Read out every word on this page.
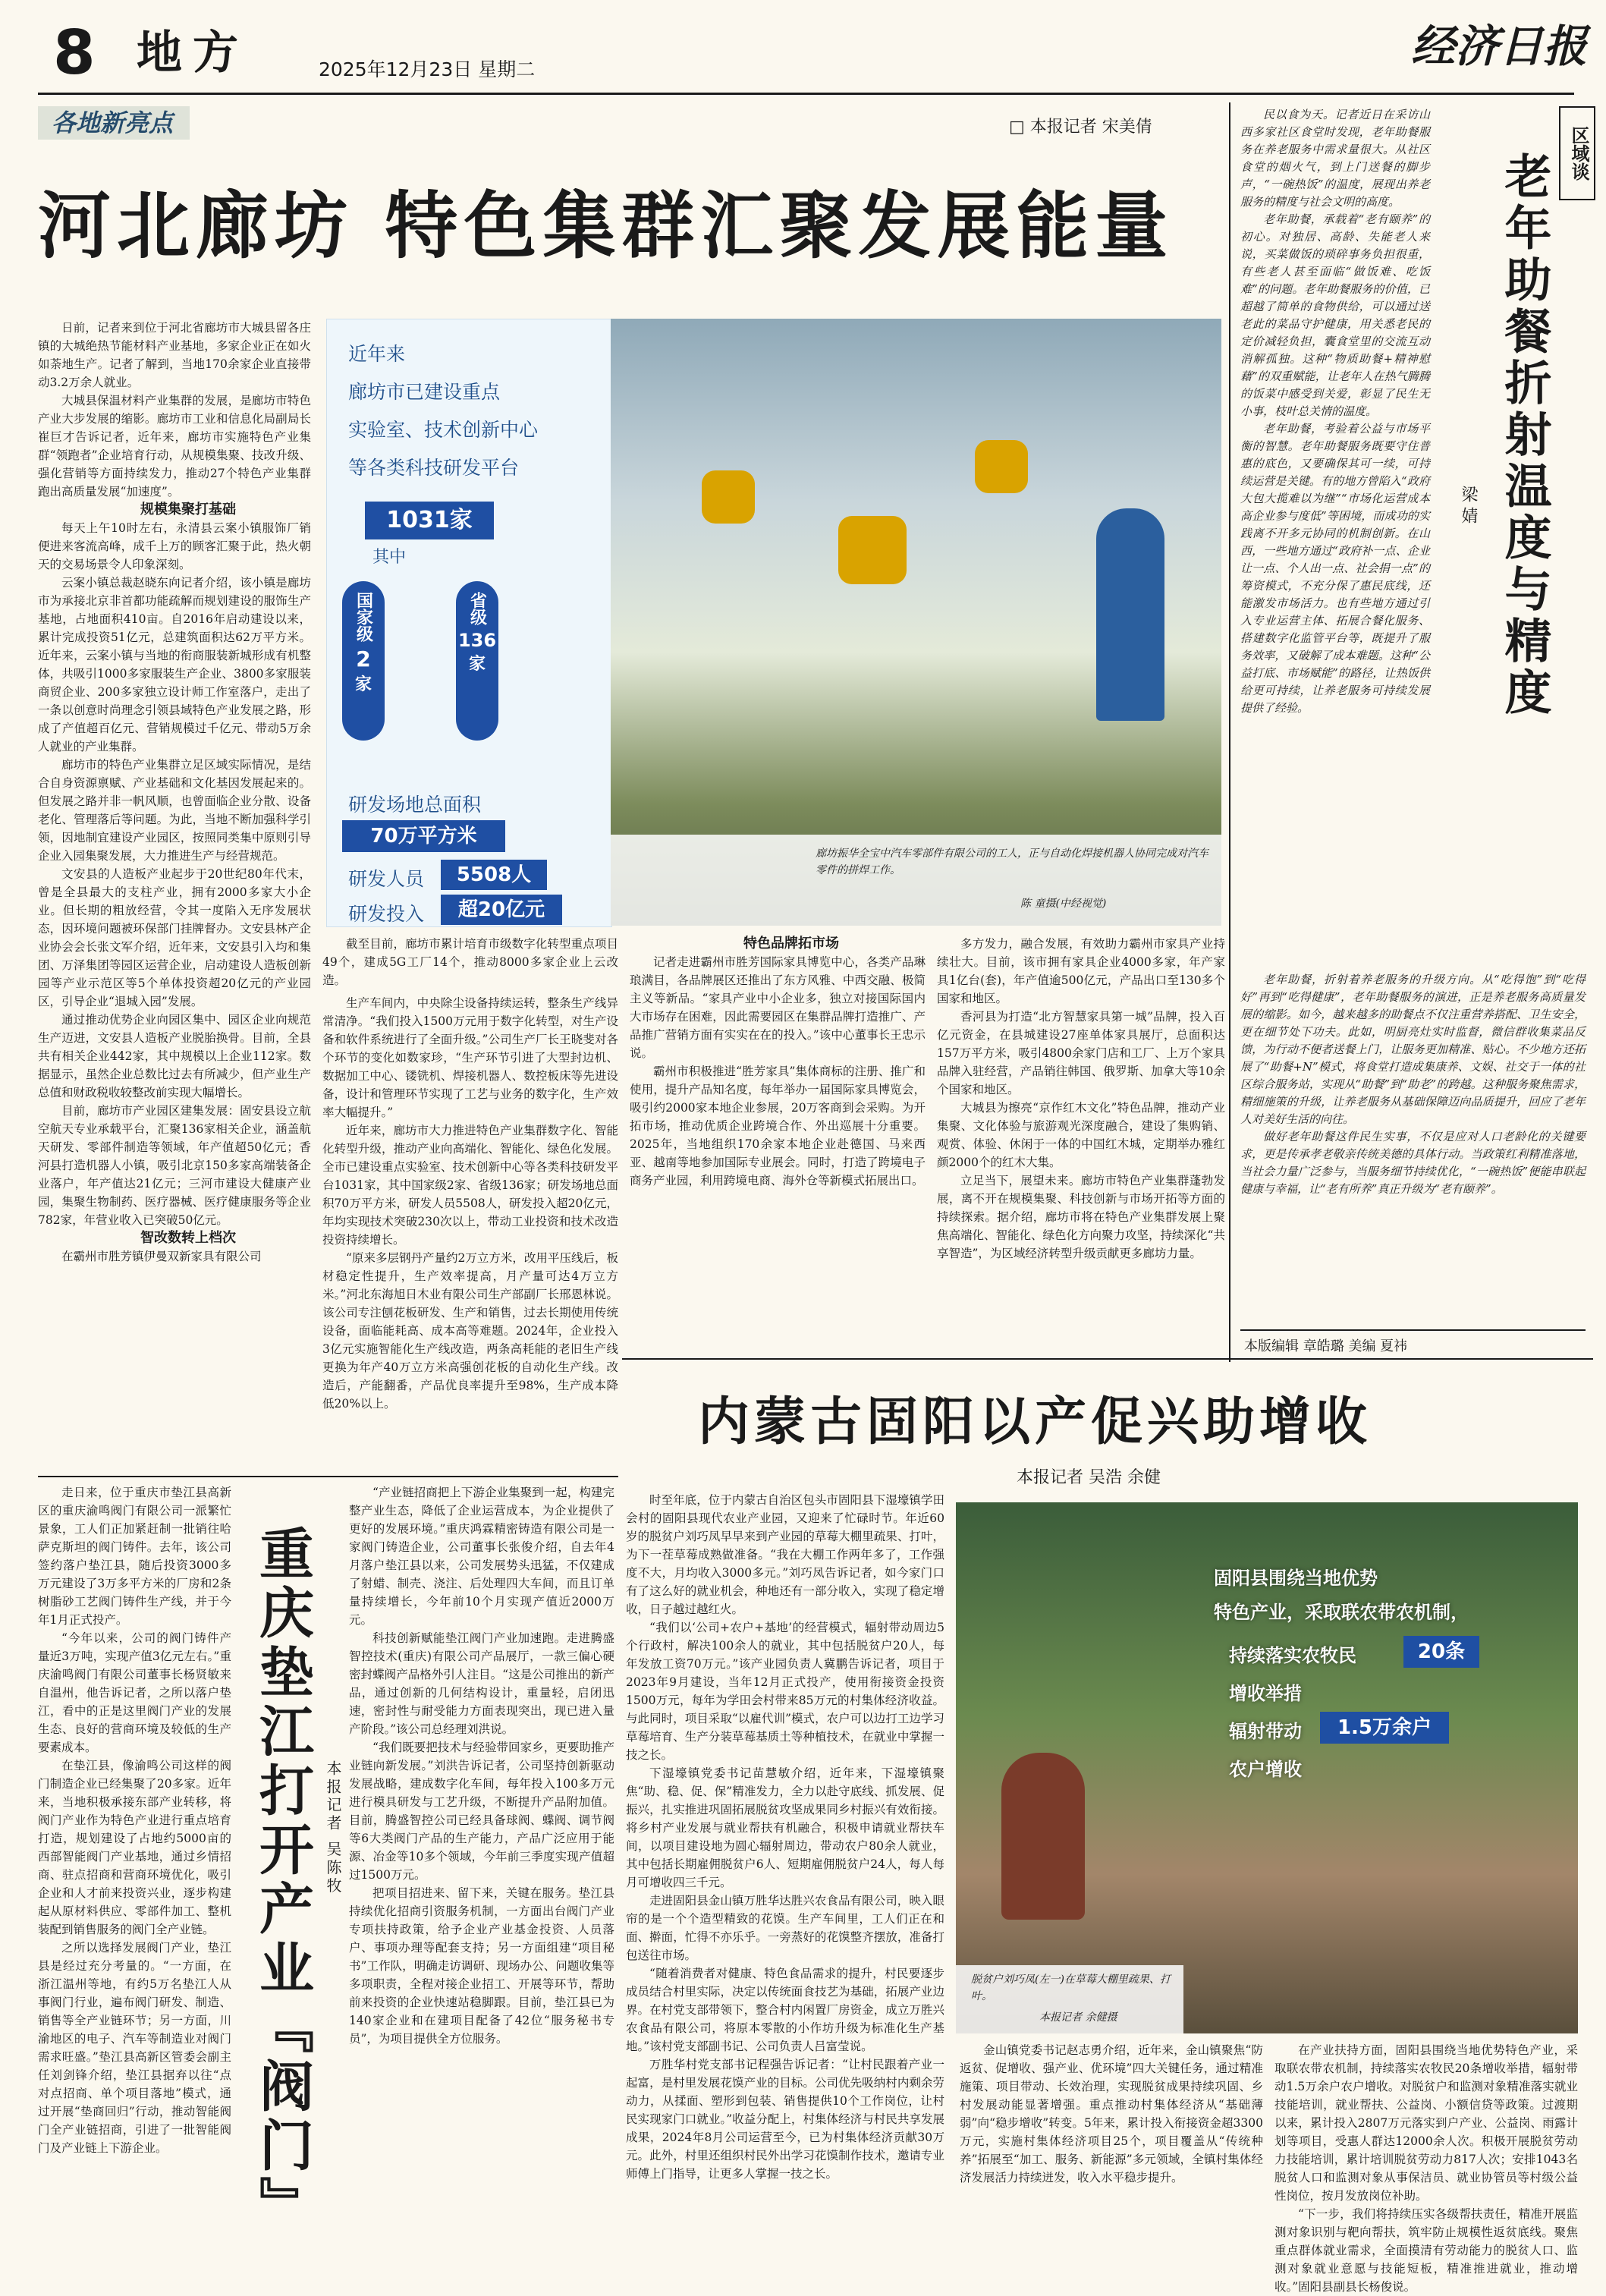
8 地方	2025年12月23日 星期二	经济日报
各地新亮点	□ 本报记者 宋美倩
河北廊坊 特色集群汇聚发展能量

日前，记者来到位于河北省廊坊市大城县留各庄镇的大城绝热节能材料产业基地，多家企业正在如火如荼地生产。记者了解到，当地170余家企业直接带动3.2万余人就业。

大城县保温材料产业集群的发展，是廊坊市特色产业大步发展的缩影。廊坊市工业和信息化局副局长崔巨才告诉记者，近年来，廊坊市实施特色产业集群“领跑者”企业培育行动，从规模集聚、技改升级、强化营销等方面持续发力，推动27个特色产业集群跑出高质量发展“加速度”。

规模集聚打基础

每天上午10时左右，永清县云案小镇服饰厂销便进来客流高峰，成千上万的顾客汇聚于此，热火朝天的交易场景令人印象深刻。

云案小镇总裁赵晓东向记者介绍，该小镇是廊坊市为承接北京非首都功能疏解而规划建设的服饰生产基地，占地面积410亩。自2016年启动建设以来，累计完成投资51亿元，总建筑面积达62万平方米。近年来，云案小镇与当地的衔商服装新城形成有机整体，共吸引1000多家服装生产企业、3800多家服装商贸企业、200多家独立设计师工作室落户，走出了一条以创意时尚理念引领县域特色产业发展之路，形成了产值超百亿元、营销规模过千亿元、带动5万余人就业的产业集群。

廊坊市的特色产业集群立足区域实际情况，是结合自身资源禀赋、产业基础和文化基因发展起来的。但发展之路并非一帆风顺，也曾面临企业分散、设备老化、管理落后等问题。为此，当地不断加强科学引领，因地制宜建设产业园区，按照同类集中原则引导企业入园集聚发展，大力推进生产与经营规范。

文安县的人造板产业起步于20世纪80年代末，曾是全县最大的支柱产业，拥有2000多家大小企业。但长期的粗放经营，令其一度陷入无序发展状态，因环境问题被环保部门挂牌督办。文安县林产企业协会会长张文军介绍，近年来，文安县引入均和集团、万泽集团等园区运营企业，启动建设人造板创新园等产业示范区等5个单体投资超20亿元的产业园区，引导企业“退城入园”发展。

通过推动优势企业向园区集中、园区企业向规范生产迈进，文安县人造板产业脱胎换骨。目前，全县共有相关企业442家，其中规模以上企业112家。数据显示，虽然企业总数比过去有所减少，但产业生产总值和财政税收较整改前实现大幅增长。

目前，廊坊市产业园区建集发展：固安县设立航空航天专业承载平台，汇聚136家相关企业，涵盖航天研发、零部件制造等领域，年产值超50亿元；香河县打造机器人小镇，吸引北京150多家高端装备企业落户，年产值达21亿元；三河市建设大健康产业园，集聚生物制药、医疗器械、医疗健康服务等企业782家，年营业收入已突破50亿元。

智改数转上档次

在霸州市胜芳镇伊曼双新家具有限公司

近年来
廊坊市已建设重点
实验室、技术创新中心
等各类科技研发平台
1031家
其中
国家级
2
家
省级
136
家
研发场地总面积
70万平方米
研发人员	5508人
研发投入	超20亿元
廊坊振华全宝中汽车零部件有限公司的工人，正与自动化焊接机器人协同完成对汽车零件的拼焊工作。
陈 童摄(中经视觉)

截至目前，廊坊市累计培育市级数字化转型重点项目49个，建成5G工厂14个，推动8000多家企业上云改造。

生产车间内，中央除尘设备持续运转，整条生产线异常清净。“我们投入1500万元用于数字化转型，对生产设备和软件系统进行了全面升级。”公司生产厂长王晓斐对各个环节的变化如数家珍，“生产环节引进了大型封边机、数据加工中心、镂铣机、焊接机器人、数控板床等先进设备，设计和管理环节实现了工艺与业务的数字化，生产效率大幅提升。”

近年来，廊坊市大力推进特色产业集群数字化、智能化转型升级，推动产业向高端化、智能化、绿色化发展。全市已建设重点实验室、技术创新中心等各类科技研发平台1031家，其中国家级2家、省级136家；研发场地总面积70万平方米，研发人员5508人，研发投入超20亿元，年均实现技术突破230次以上，带动工业投资和技术改造投资持续增长。

“原来多层钢丹产量约2万立方米，改用平压线后，板材稳定性提升，生产效率提高，月产量可达4万立方米。”河北东海旭日木业有限公司生产部副厂长邢恩林说。该公司专注刨花板研发、生产和销售，过去长期使用传统设备，面临能耗高、成本高等难题。2024年，企业投入3亿元实施智能化生产线改造，两条高耗能的老旧生产线更换为年产40万立方米高强创花板的自动化生产线。改造后，产能翻番，产品优良率提升至98%，生产成本降低20%以上。

特色品牌拓市场

记者走进霸州市胜芳国际家具博览中心，各类产品琳琅满目，各品牌展区还推出了东方风雅、中西交融、极简主义等新品。“家具产业中小企业多，独立对接国际国内大市场存在困难，因此需要园区在集群品牌打造推广、产品推广营销方面有实实在在的投入。”该中心董事长王忠示说。

霸州市积极推进“胜芳家具”集体商标的注册、推广和使用，提升产品知名度，每年举办一届国际家具博览会，吸引约2000家本地企业参展，20万客商到会采购。为开拓市场，推动优质企业跨境合作、外出巡展十分重要。2025年，当地组织170余家本地企业赴德国、马来西亚、越南等地参加国际专业展会。同时，打造了跨境电子商务产业园，利用跨境电商、海外仓等新模式拓展出口。

多方发力，融合发展，有效助力霸州市家具产业持续壮大。目前，该市拥有家具企业4000多家，年产家具1亿台(套)，年产值逾500亿元，产品出口至130多个国家和地区。

香河县为打造“北方智慧家具第一城”品牌，投入百亿元资金，在县城建设27座单体家具展厅，总面积达157万平方米，吸引4800余家门店和工厂、上万个家具品牌入驻经营，产品销往韩国、俄罗斯、加拿大等10余个国家和地区。

大城县为擦亮“京作红木文化”特色品牌，推动产业集聚、文化体验与旅游观光深度融合，建设了集购销、观赏、体验、休闲于一体的中国红木城，定期举办雅红颜2000个的红木大集。

立足当下，展望未来。廊坊市特色产业集群蓬勃发展，离不开在规模集聚、科技创新与市场开拓等方面的持续探索。据介绍，廊坊市将在特色产业集群发展上聚焦高端化、智能化、绿色化方向聚力攻坚，持续深化“共享智造”，为区域经济转型升级贡献更多廊坊力量。

区域谈
老年助餐折射温度与精度
梁婧

民以食为天。记者近日在采访山西多家社区食堂时发现，老年助餐服务在养老服务中需求量很大。从社区食堂的烟火气，到上门送餐的脚步声，“一碗热饭”的温度，展现出养老服务的精度与社会文明的高度。

老年助餐，承载着“老有颐养”的初心。对独居、高龄、失能老人来说，买菜做饭的琐碎事务负担很重，有些老人甚至面临“做饭难、吃饭难”的问题。老年助餐服务的价值，已超越了简单的食物供给，可以通过送老此的菜品守护健康，用关悉老民的定价减轻负担，囊食堂里的交流互动消解孤独。这种“物质助餐+精神慰藉”的双重赋能，让老年人在热气腾腾的饭菜中感受到关爱，彰显了民生无小事，枝叶总关情的温度。

老年助餐，考验着公益与市场平衡的智慧。老年助餐服务既要守住普惠的底色，又要确保其可一续，可持续运营是关键。有的地方曾陷入“政府大包大揽难以为继”“市场化运营成本高企业参与度低”等困境，而成功的实践离不开多元协同的机制创新。在山西，一些地方通过“政府补一点、企业让一点、个人出一点、社会捐一点”的筹资模式，不充分保了惠民底线，还能激发市场活力。也有些地方通过引入专业运营主体、拓展合餐化服务、搭建数字化监管平台等，既提升了服务效率，又破解了成本难题。这种“公益打底、市场赋能”的路径，让热饭供给更可持续，让养老服务可持续发展提供了经验。

老年助餐，折射着养老服务的升级方向。从“吃得饱”到“吃得好”再到“吃得健康”，老年助餐服务的演进，正是养老服务高质量发展的缩影。如今，越来越多的助餐点不仅注重营养搭配、卫生安全，更在细节处下功夫。此如，明厨亮灶实时监督，微信群收集菜品反馈，为行动不便者送餐上门，让服务更加精准、贴心。不少地方还拓展了“助餐+N”模式，将食堂打造成集康养、文娱、社交于一体的社区综合服务站，实现从“助餐”到“助老”的跨越。这种服务聚焦需求，精细施策的升级，让养老服务从基础保障迈向品质提升，回应了老年人对美好生活的向往。

做好老年助餐这件民生实事，不仅是应对人口老龄化的关键要求，更是传承孝老敬亲传统美德的具体行动。当政策红利精准落地，当社会力量广泛参与，当服务细节持续优化，“一碗热饭”便能串联起健康与幸福，让“老有所养”真正升级为“老有颐养”。

本版编辑 章皓璐 美编 夏祎
内蒙古固阳以产促兴助增收
本报记者 吴浩 余健

时至年底，位于内蒙古自治区包头市固阳县下湿壕镇学田会村的固阳县现代农业产业园，又迎来了忙碌时节。年近60岁的脱贫户刘巧凤早早来到产业园的草莓大棚里疏果、打叶，为下一茬草莓成熟做准备。“我在大棚工作两年多了，工作强度不大，月均收入3000多元。”刘巧凤告诉记者，如今家门口有了这么好的就业机会，种地还有一部分收入，实现了稳定增收，日子越过越红火。

“我们以‘公司+农户+基地’的经营模式，辐射带动周边5个行政村，解决100余人的就业，其中包括脱贫户20人，每年发放工资70万元。”该产业园负责人冀鹏告诉记者，项目于2023年9月建设，当年12月正式投产，使用衔接资金投资1500万元，每年为学田会村带来85万元的村集体经济收益。与此同时，项目采取“以雇代训”模式，农户可以边打工边学习草莓培育、生产分装草莓基质土等种植技术，在就业中掌握一技之长。

下湿壕镇党委书记苗慧敏介绍，近年来，下湿壕镇聚焦“助、稳、促、保”精准发力，全力以赴守底线、抓发展、促振兴，扎实推进巩固拓展脱贫攻坚成果同乡村振兴有效衔接。将乡村产业发展与就业帮扶有机融合，积极申请就业帮扶车间，以项目建设地为圆心辐射周边，带动农户80余人就业，其中包括长期雇佣脱贫户6人、短期雇佣脱贫户24人，每人每月可增收四三千元。

走进固阳县金山镇万胜华达胜兴农食品有限公司，映入眼帘的是一个个造型精致的花馍。生产车间里，工人们正在和面、擀面，忙得不亦乐乎。一旁蒸好的花馍整齐摆放，准备打包送往市场。

“随着消费者对健康、特色食品需求的提升，村民要逐步成员结合村里实际，决定以传统面食技艺为基础，拓展产业边界。在村党支部带领下，整合村内闲置厂房资金，成立万胜兴农食品有限公司，将原本零散的小作坊升级为标准化生产基地。”该村党支部副书记、公司负责人吕富莹说。

万胜华村党支部书记程强告诉记者：“让村民跟着产业一起富，是村里发展花馍产业的目标。公司优先吸纳村内剩余劳动力，从揉面、塑形到包装、销售提供10个工作岗位，让村民实现家门口就业。”收益分配上，村集体经济与村民共享发展成果，2024年8月公司运营至今，已为村集体经济贡献30万元。此外，村里还组织村民外出学习花馍制作技术，邀请专业师傅上门指导，让更多人掌握一技之长。

固阳县围绕当地优势
特色产业，采取联农带农机制，
持续落实农牧民	20条
增收举措
辐射带动	1.5万余户
农户增收
脱贫户刘巧凤(左一)在草莓大棚里疏果、打叶。
本报记者 余健摄

金山镇党委书记赵志勇介绍，近年来，金山镇聚焦“防返贫、促增收、强产业、优环境”四大关键任务，通过精准施策、项目带动、长效治理，实现脱贫成果持续巩固、乡村发展动能显著增强。重点推动村集体经济从“基础薄弱”向“稳步增收”转变。5年来，累计投入衔接资金超3300万元，实施村集体经济项目25个，项目覆盖从“传统种养”拓展至“加工、服务、新能源”多元领域，全镇村集体经济发展活力持续迸发，收入水平稳步提升。

在产业扶持方面，固阳县围绕当地优势特色产业，采取联农带农机制，持续落实农牧民20条增收举措，辐射带动1.5万余户农户增收。对脱贫户和监测对象精准落实就业技能培训，就业帮扶、公益岗、小额信贷等政策。过渡期以来，累计投入2807万元落实到户产业、公益岗、雨露计划等项目，受惠人群达12000余人次。积极开展脱贫劳动力技能培训，累计培训脱贫劳动力817人次；安排1043名脱贫人口和监测对象从事保洁员、就业协管员等村级公益性岗位，按月发放岗位补助。

“下一步，我们将持续压实各级帮扶责任，精准开展监测对象识别与靶向帮扶，筑牢防止规模性返贫底线。聚焦重点群体就业需求，全面摸清有劳动能力的脱贫人口、监测对象就业意愿与技能短板，精准推进就业，推动增收。”固阳县副县长杨俊说。

重庆垫江打开产业『阀门』 本报记者 吴陈牧

走日来，位于重庆市垫江县高新区的重庆渝鸣阀门有限公司一派繁忙景象，工人们正加紧赶制一批销往哈萨克斯坦的阀门铸件。去年，该公司签约落户垫江县，随后投资3000多万元建设了3万多平方米的厂房和2条树脂砂工艺阀门铸件生产线，并于今年1月正式投产。

“今年以来，公司的阀门铸件产量近3万吨，实现产值3亿元左右。”重庆渝鸣阀门有限公司董事长杨贤敏来自温州，他告诉记者，之所以落户垫江，看中的正是这里阀门产业的发展生态、良好的营商环境及较低的生产要素成本。

在垫江县，像渝鸣公司这样的阀门制造企业已经集聚了20多家。近年来，当地积极承接东部产业转移，将阀门产业作为特色产业进行重点培育打造，规划建设了占地约5000亩的西部智能阀门产业基地，通过乡情招商、驻点招商和营商环境优化，吸引企业和人才前来投资兴业，逐步构建起从原材料供应、零部件加工、整机装配到销售服务的阀门全产业链。

之所以选择发展阀门产业，垫江县是经过充分考量的。“一方面，在浙江温州等地，有约5万名垫江人从事阀门行业，遍布阀门研发、制造、销售等全产业链环节；另一方面，川渝地区的电子、汽车等制造业对阀门需求旺盛。”垫江县高新区管委会副主任刘剑锋介绍，垫江县据弃以往“点对点招商、单个项目落地”模式，通过开展“垫商回归”行动，推动智能阀门全产业链招商，引进了一批智能阀门及产业链上下游企业。

“产业链招商把上下游企业集聚到一起，构建完整产业生态，降低了企业运营成本，为企业提供了更好的发展环境。”重庆鸿霖精密铸造有限公司是一家阀门铸造企业，公司董事长张俊介绍，自去年4月落户垫江县以来，公司发展势头迅猛，不仅建成了射蜡、制壳、浇注、后处理四大车间，而且订单量持续增长，今年前10个月实现产值近2000万元。

科技创新赋能垫江阀门产业加速跑。走进腾盛智控技术(重庆)有限公司产品展厅，一款三偏心硬密封蝶阀产品格外引人注目。“这是公司推出的新产品，通过创新的几何结构设计，重量轻，启闭迅速，密封性与耐受能力方面表现突出，现已进入量产阶段。”该公司总经理刘洪说。

“我们既要把技术与经验带回家乡，更要助推产业链向新发展。”刘洪告诉记者，公司坚持创新驱动发展战略，建成数字化车间，每年投入100多万元进行模具研发与工艺升级，不断提升产品附加值。目前，腾盛智控公司已经具备球阀、蝶阀、调节阀等6大类阀门产品的生产能力，产品广泛应用于能源、冶金等10多个领域，今年前三季度实现产值超过1500万元。

把项目招进来、留下来，关键在服务。垫江县持续优化招商引资服务机制，一方面出台阀门产业专项扶持政策，给予企业产业基金投资、人员落户、事项办理等配套支持；另一方面组建“项目秘书”工作队，明确走访调研、现场办公、问题收集等多项职责，全程对接企业招工、开展等环节，帮助前来投资的企业快速站稳脚跟。目前，垫江县已为140家企业和在建项目配备了42位“服务秘书专员”，为项目提供全方位服务。
